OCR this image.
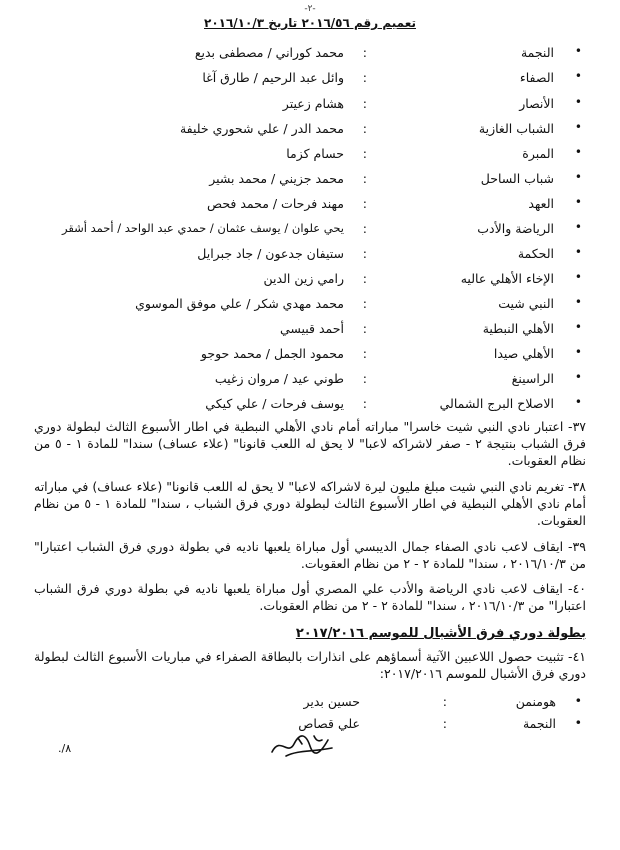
-٢-
تعميم رقم ٢٠١٦/٥٦ تاريخ ٢٠١٦/١٠/٣
•
النجمة
:
محمد كوراني / مصطفى بديع
•
الصفاء
:
وائل عبد الرحيم / طارق آغا
•
الأنصار
:
هشام زعيتر
•
الشباب الغازية
:
محمد الدر / علي شحوري خليفة
•
المبرة
:
حسام كزما
•
شباب الساحل
:
محمد جزيني / محمد بشير
•
العهد
:
مهند فرحات / محمد فحص
•
الرياضة والأدب
:
يحي علوان / يوسف عثمان / حمدي عبد الواحد / أحمد أشقر
•
الحكمة
:
ستيفان جدعون / جاد جبرايل
•
الإخاء الأهلي عاليه
:
رامي زين الدين
•
النبي شيت
:
محمد مهدي شكر / علي موفق الموسوي
•
الأهلي النبطية
:
أحمد قبيسي
•
الأهلي صيدا
:
محمود الجمل / محمد حوجو
•
الراسينغ
:
طوني عيد / مروان زغيب
•
الاصلاح البرج الشمالي
:
يوسف فرحات / علي كيكي
٣٧- اعتبار نادي النبي شيت خاسرا" مباراته أمام نادي الأهلي النبطية في اطار الأسبوع الثالث لبطولة دوري فرق الشباب بنتيجة ٢ - صفر لاشراكه لاعبا" لا يحق له اللعب قانونا" (علاء عساف) سندا" للمادة ١ - ٥ من نظام العقوبات.
٣٨- تغريم نادي النبي شيت مبلغ مليون ليرة لاشراكه لاعبا" لا يحق له اللعب قانونا" (علاء عساف) في مباراته أمام نادي الأهلي النبطية في اطار الأسبوع الثالث لبطولة دوري فرق الشباب ، سندا" للمادة ١ - ٥ من نظام العقوبات.
٣٩- ايقاف لاعب نادي الصفاء جمال الديبسي أول مباراة يلعبها ناديه في بطولة دوري فرق الشباب اعتبارا" من ٢٠١٦/١٠/٣ ، سندا" للمادة ٢ - ٢ من نظام العقوبات.
٤٠- ايقاف لاعب نادي الرياضة والأدب علي المصري أول مباراة يلعبها ناديه في بطولة دوري فرق الشباب اعتبارا" من ٢٠١٦/١٠/٣ ، سندا" للمادة ٢ - ٢ من نظام العقوبات.
بطولة دوري فرق الأشبال للموسم ٢٠١٧/٢٠١٦
٤١- تثبيت حصول اللاعبين الآتية أسماؤهم على انذارات بالبطاقة الصفراء في مباريات الأسبوع الثالث لبطولة دوري فرق الأشبال للموسم ٢٠١٧/٢٠١٦:
•
هومنمن
:
حسين بدير
•
النجمة
:
علي قصاص
./٨
